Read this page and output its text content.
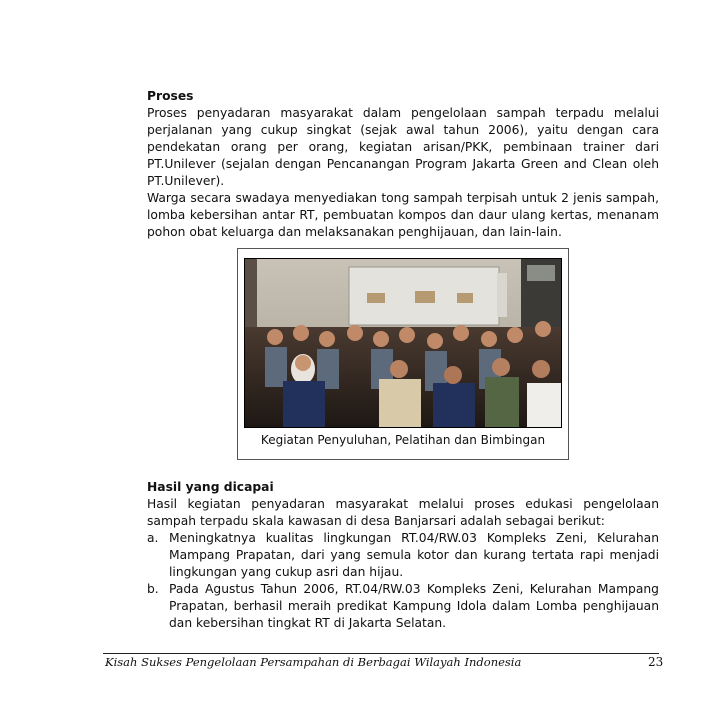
Proses

Proses penyadaran masyarakat dalam pengelolaan sampah terpadu melalui perjalanan yang cukup singkat (sejak awal tahun 2006), yaitu dengan cara pendekatan orang per orang, kegiatan arisan/PKK, pembinaan trainer dari PT.Unilever (sejalan dengan Pencanangan Program Jakarta Green and Clean oleh PT.Unilever).

Warga secara swadaya menyediakan tong sampah terpisah untuk 2 jenis sampah, lomba kebersihan antar RT, pembuatan kompos dan daur ulang kertas, menanam pohon obat keluarga dan melaksanakan penghijauan, dan lain-lain.

Kegiatan Penyuluhan, Pelatihan dan Bimbingan
Hasil yang dicapai

Hasil kegiatan penyadaran masyarakat melalui proses edukasi pengelolaan sampah terpadu skala kawasan di desa Banjarsari adalah sebagai berikut:

a. Meningkatnya kualitas lingkungan RT.04/RW.03 Kompleks Zeni, Kelurahan Mampang Prapatan, dari yang semula kotor dan kurang tertata rapi menjadi lingkungan yang cukup asri dan hijau.
b. Pada Agustus Tahun 2006, RT.04/RW.03 Kompleks Zeni, Kelurahan Mampang Prapatan, berhasil meraih predikat Kampung Idola dalam Lomba penghijauan dan kebersihan tingkat RT di Jakarta Selatan.
Kisah Sukses Pengelolaan Persampahan di Berbagai Wilayah Indonesia	23
